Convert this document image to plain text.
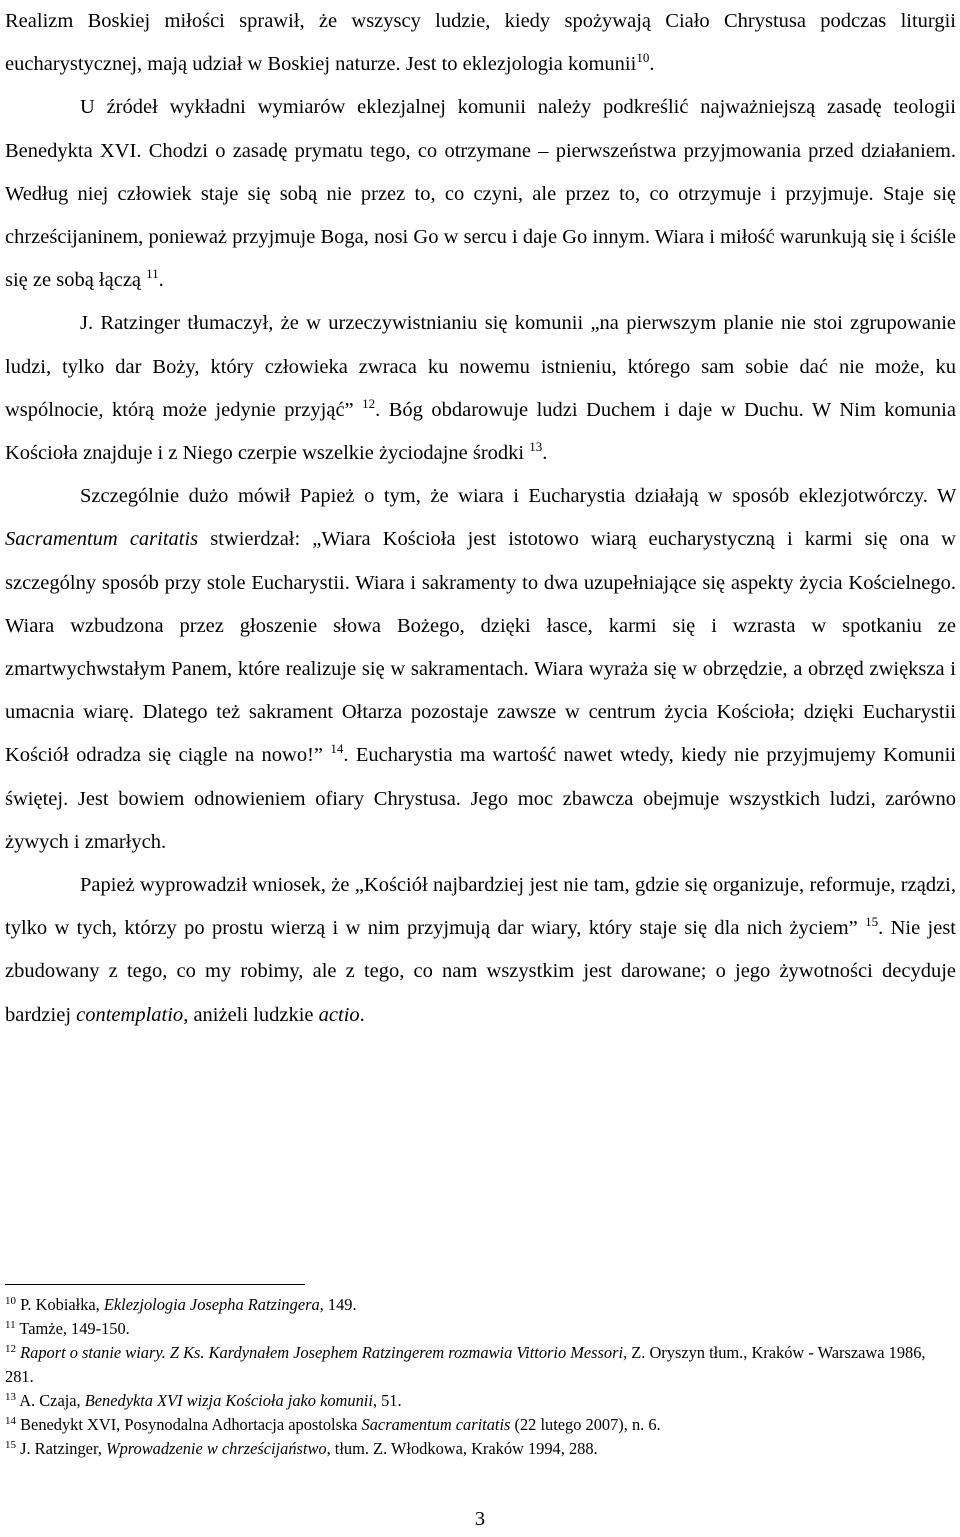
Realizm Boskiej miłości sprawił, że wszyscy ludzie, kiedy spożywają Ciało Chrystusa podczas liturgii eucharystycznej, mają udział w Boskiej naturze. Jest to eklezjologia komunii$^{10}$.

U źródeł wykładni wymiarów eklezjalnej komunii należy podkreślić najważniejszą zasadę teologii Benedykta XVI. Chodzi o zasadę prymatu tego, co otrzymane – pierwszeństwa przyjmowania przed działaniem. Według niej człowiek staje się sobą nie przez to, co czyni, ale przez to, co otrzymuje i przyjmuje. Staje się chrześcijaninem, ponieważ przyjmuje Boga, nosi Go w sercu i daje Go innym. Wiara i miłość warunkują się i ściśle się ze sobą łączą $^{11}$.

J. Ratzinger tłumaczył, że w urzeczywistnianiu się komunii „na pierwszym planie nie stoi zgrupowanie ludzi, tylko dar Boży, który człowieka zwraca ku nowemu istnieniu, którego sam sobie dać nie może, ku wspólnocie, którą może jedynie przyjąć” $^{12}$. Bóg obdarowuje ludzi Duchem i daje w Duchu. W Nim komunia Kościoła znajduje i z Niego czerpie wszelkie życiodajne środki $^{13}$.

Szczególnie dużo mówił Papież o tym, że wiara i Eucharystia działają w sposób eklezjotwórczy. W Sacramentum caritatis stwierdzał: „Wiara Kościoła jest istotowo wiarą eucharystyczną i karmi się ona w szczególny sposób przy stole Eucharystii. Wiara i sakramenty to dwa uzupełniające się aspekty życia Kościelnego. Wiara wzbudzona przez głoszenie słowa Bożego, dzięki łasce, karmi się i wzrasta w spotkaniu ze zmartwychwstałym Panem, które realizuje się w sakramentach. Wiara wyraża się w obrzędzie, a obrzęd zwiększa i umacnia wiarę. Dlatego też sakrament Ołtarza pozostaje zawsze w centrum życia Kościoła; dzięki Eucharystii Kościół odradza się ciągle na nowo!” $^{14}$. Eucharystia ma wartość nawet wtedy, kiedy nie przyjmujemy Komunii świętej. Jest bowiem odnowieniem ofiary Chrystusa. Jego moc zbawcza obejmuje wszystkich ludzi, zarówno żywych i zmarłych.

Papież wyprowadził wniosek, że „Kościół najbardziej jest nie tam, gdzie się organizuje, reformuje, rządzi, tylko w tych, którzy po prostu wierzą i w nim przyjmują dar wiary, który staje się dla nich życiem” $^{15}$. Nie jest zbudowany z tego, co my robimy, ale z tego, co nam wszystkim jest darowane; o jego żywotności decyduje bardziej contemplatio, aniżeli ludzkie actio.

$^{10}$ P. Kobiałka, Eklezjologia Josepha Ratzingera, 149.

$^{11}$ Tamże, 149-150.

$^{12}$ Raport o stanie wiary. Z Ks. Kardynałem Josephem Ratzingerem rozmawia Vittorio Messori, Z. Oryszyn tłum., Kraków - Warszawa 1986, 281.

$^{13}$ A. Czaja, Benedykta XVI wizja Kościoła jako komunii, 51.

$^{14}$ Benedykt XVI, Posynodalna Adhortacja apostolska Sacramentum caritatis (22 lutego 2007), n. 6.

$^{15}$ J. Ratzinger, Wprowadzenie w chrześcijaństwo, tłum. Z. Włodkowa, Kraków 1994, 288.

3
